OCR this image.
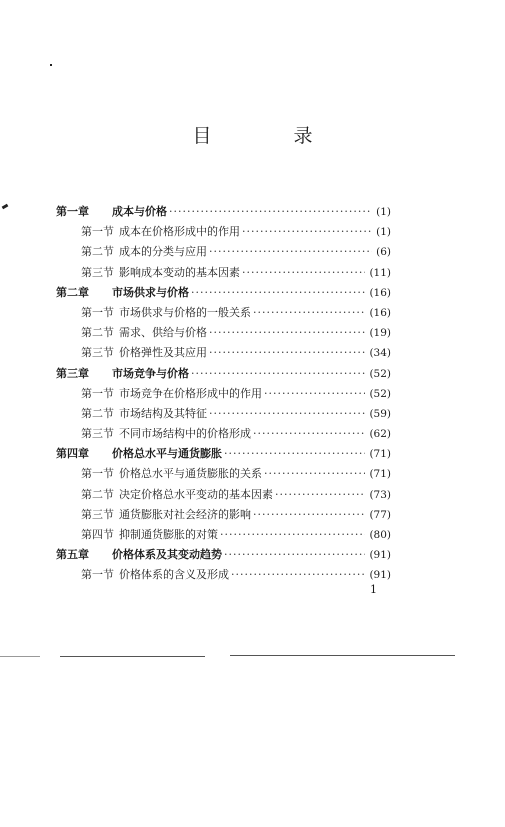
目 录
第一章	成本与价格 ·····	(1)
第一节 成本在价格形成中的作用 ·····	(1)
第二节 成本的分类与应用 ·····	(6)
第三节 影响成本变动的基本因素 ·····	(11)
第二章	市场供求与价格 ·····	(16)
第一节 市场供求与价格的一般关系 ·····	(16)
第二节 需求、供给与价格 ·····	(19)
第三节 价格弹性及其应用 ·····	(34)
第三章	市场竞争与价格 ·····	(52)
第一节 市场竞争在价格形成中的作用 ·····	(52)
第二节 市场结构及其特征 ·····	(59)
第三节 不同市场结构中的价格形成 ·····	(62)
第四章	价格总水平与通货膨胀 ·····	(71)
第一节 价格总水平与通货膨胀的关系 ·····	(71)
第二节 决定价格总水平变动的基本因素 ·····	(73)
第三节 通货膨胀对社会经济的影响 ·····	(77)
第四节 抑制通货膨胀的对策 ·····	(80)
第五章	价格体系及其变动趋势 ·····	(91)
第一节 价格体系的含义及形成 ·····	(91)
1
